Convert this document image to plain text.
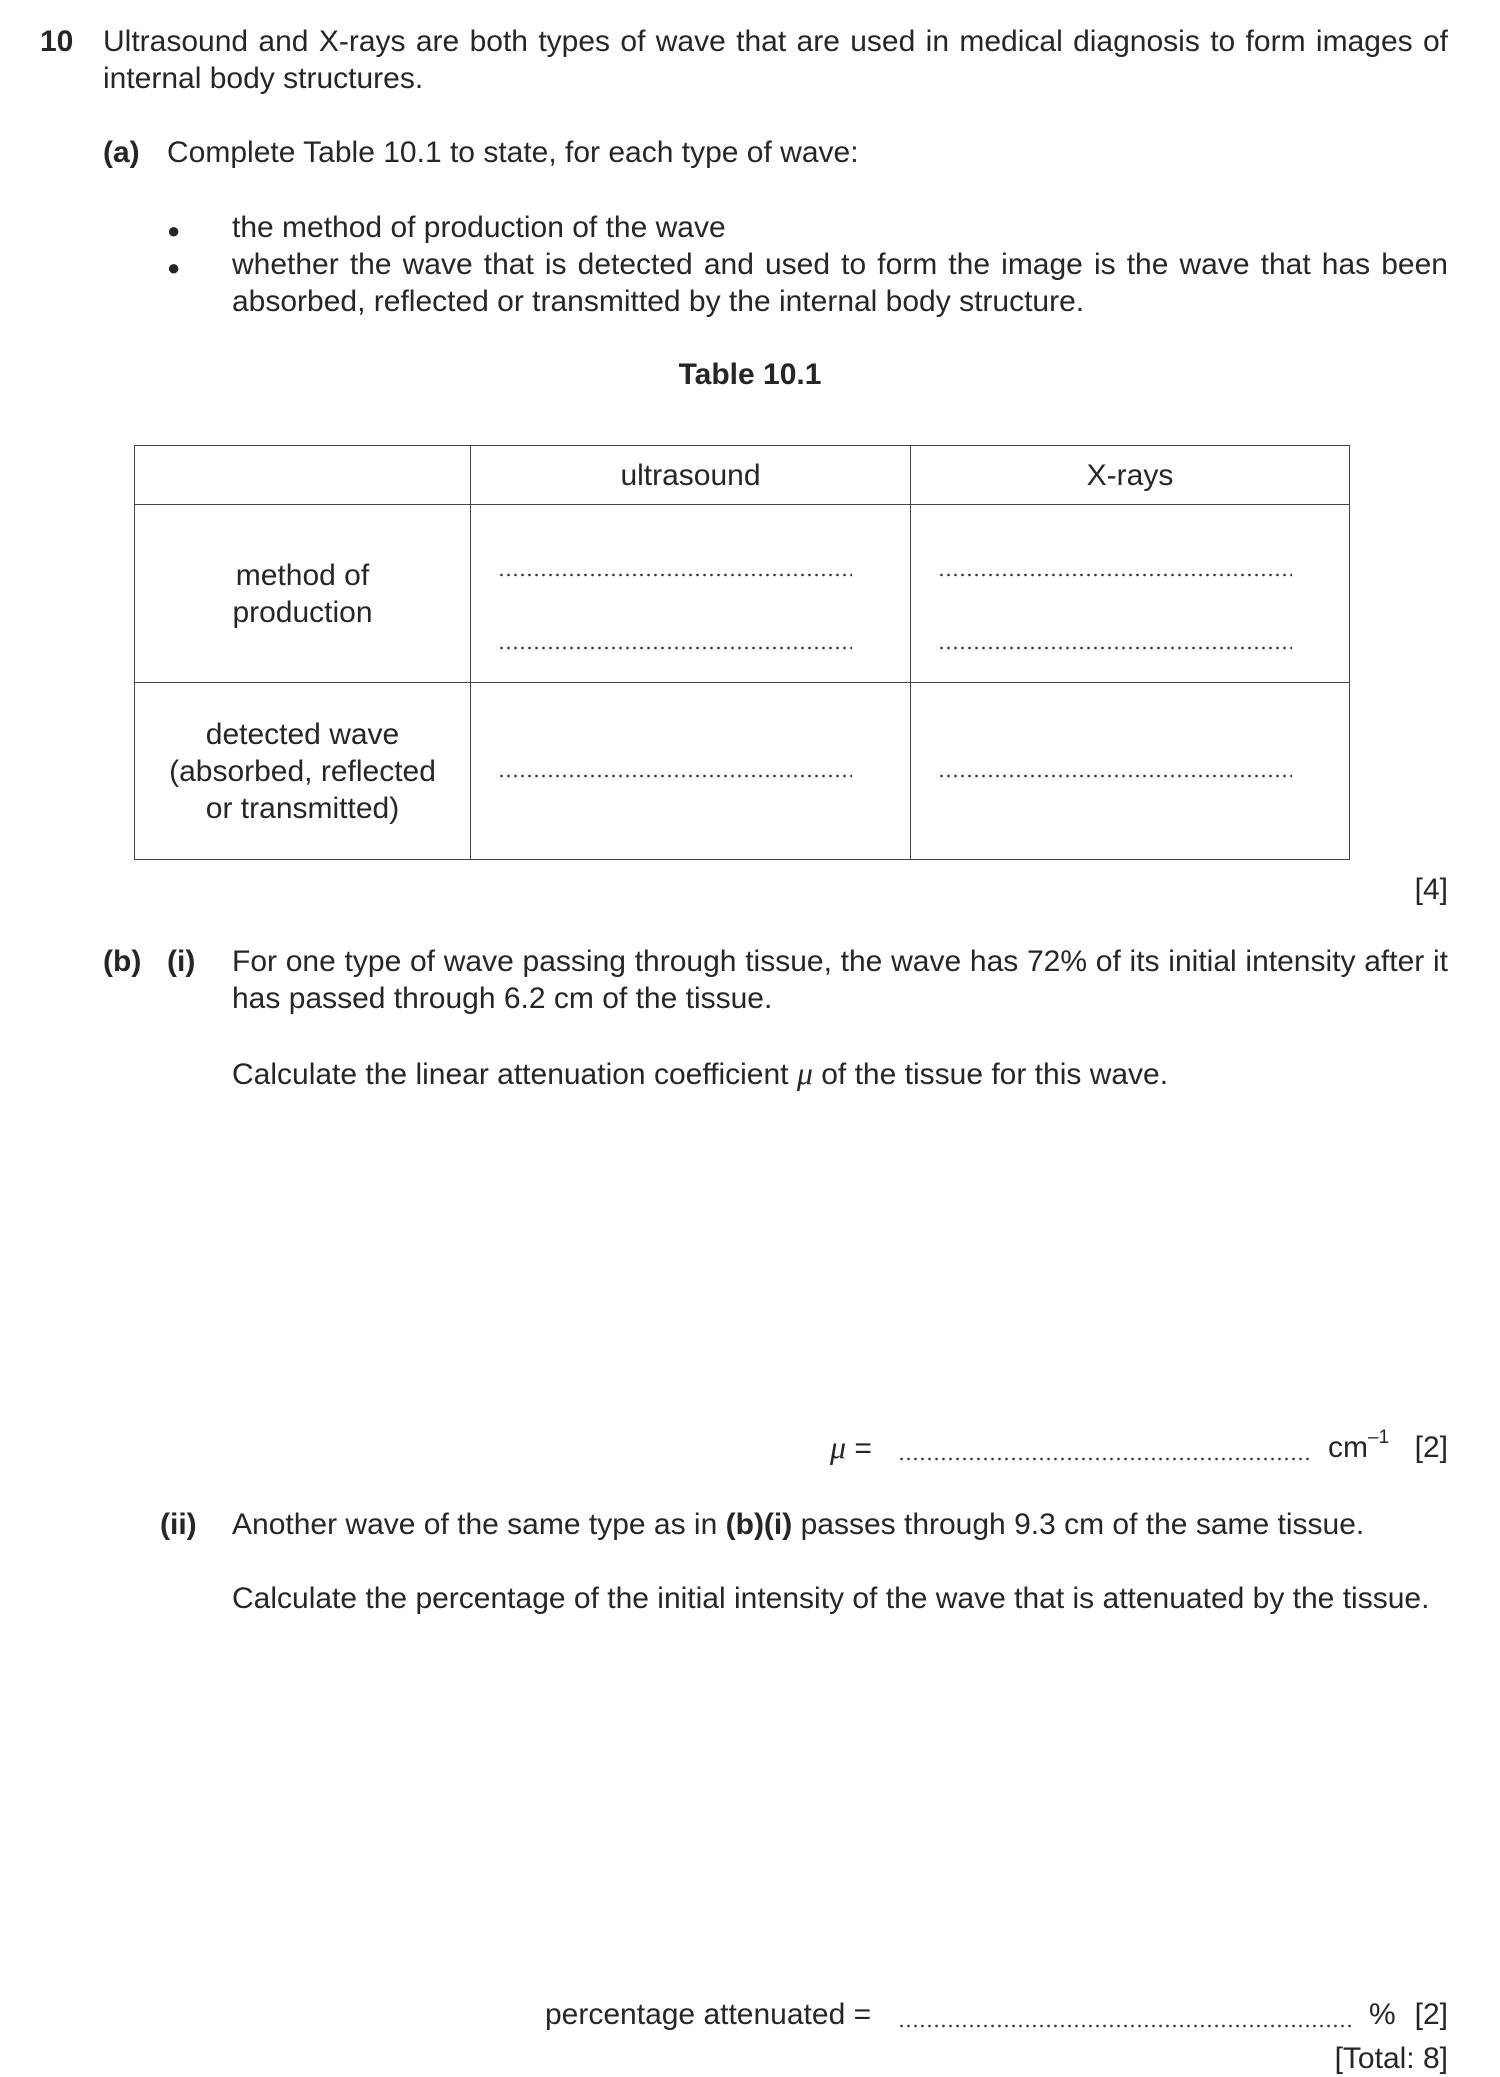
10 Ultrasound and X-rays are both types of wave that are used in medical diagnosis to form images of internal body structures.
(a) Complete Table 10.1 to state, for each type of wave:
● the method of production of the wave
● whether the wave that is detected and used to form the image is the wave that has been absorbed, reflected or transmitted by the internal body structure.
Table 10.1
	ultrasound	X-rays

method of production		

detected wave (absorbed, reflected or transmitted)		

[4]
(b) (i) For one type of wave passing through tissue, the wave has 72% of its initial intensity after it has passed through 6.2 cm of the tissue.
Calculate the linear attenuation coefficient μ of the tissue for this wave.
μ =	$cm^{-1}$ [2]
(ii) Another wave of the same type as in (b)(i) passes through 9.3 cm of the same tissue.
Calculate the percentage of the initial intensity of the wave that is attenuated by the tissue.
percentage attenuated =	% [2]
[Total: 8]
